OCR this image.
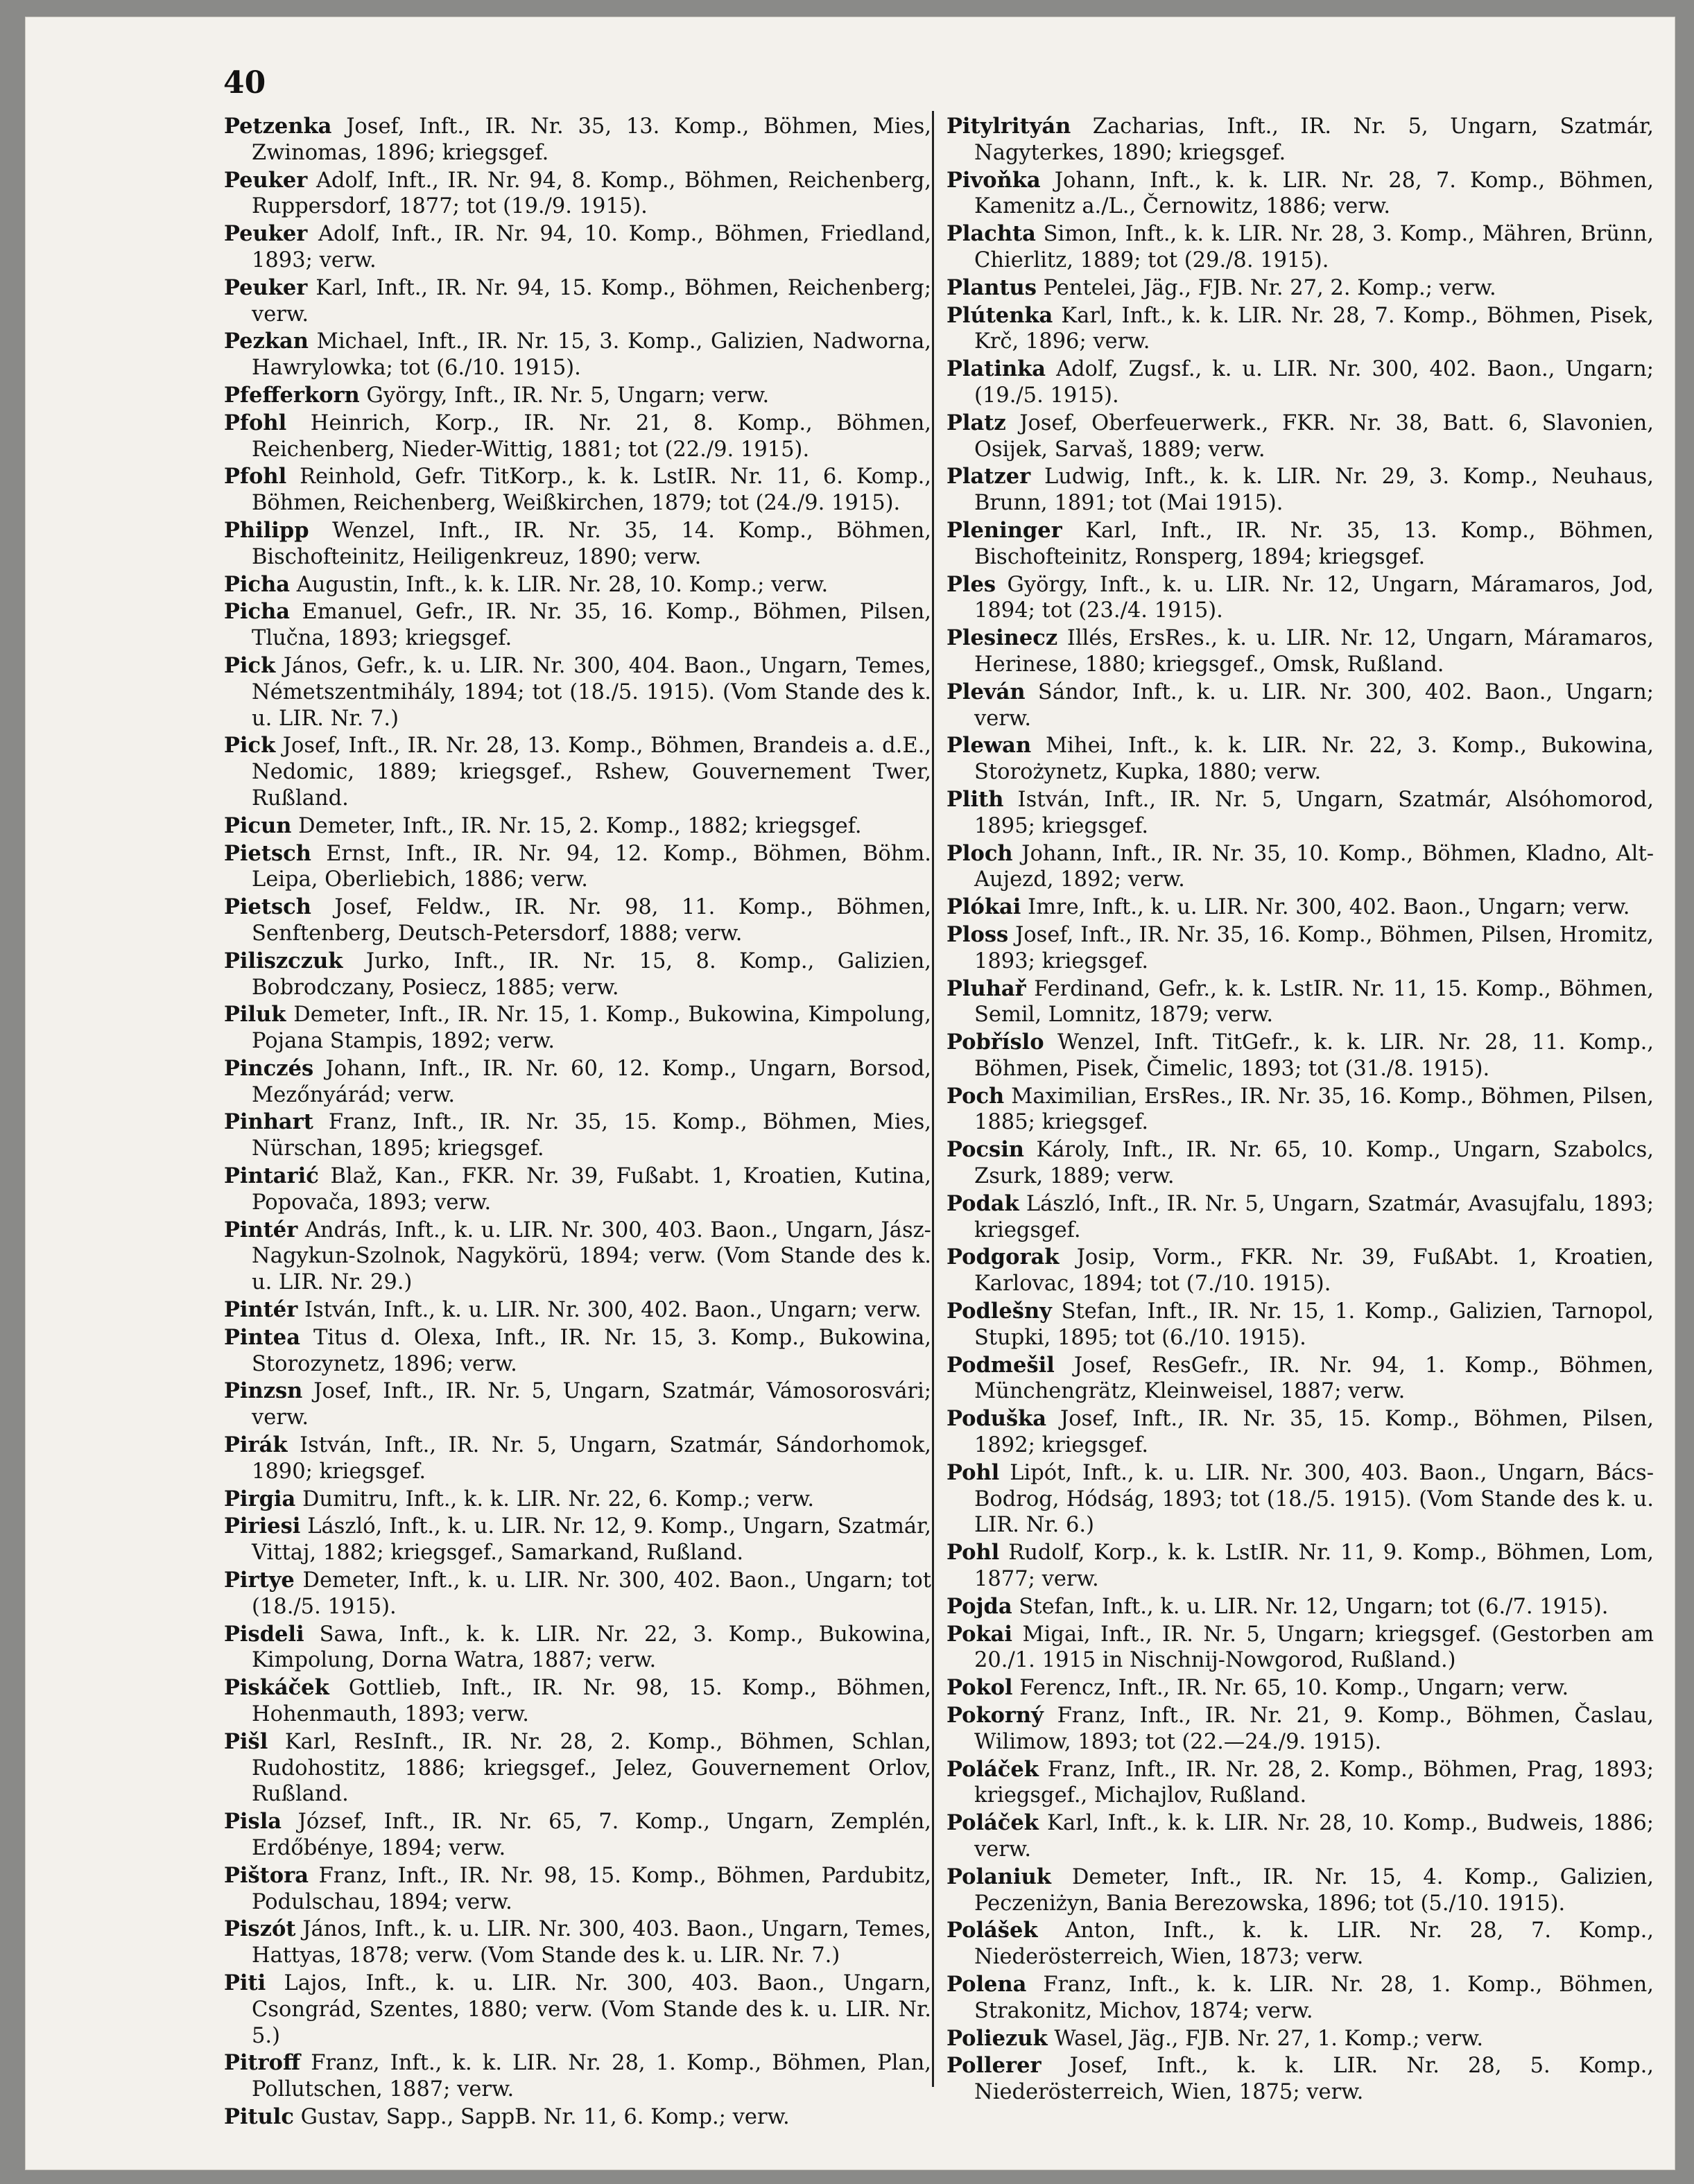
40

Petzenka Josef, Inft., IR. Nr. 35, 13. Komp., Böhmen, Mies, Zwinomas, 1896; kriegsgef.

Peuker Adolf, Inft., IR. Nr. 94, 8. Komp., Böhmen, Reichenberg, Ruppersdorf, 1877; tot (19./9. 1915).

Peuker Adolf, Inft., IR. Nr. 94, 10. Komp., Böhmen, Friedland, 1893; verw.

Peuker Karl, Inft., IR. Nr. 94, 15. Komp., Böhmen, Reichenberg; verw.

Pezkan Michael, Inft., IR. Nr. 15, 3. Komp., Galizien, Nadworna, Hawrylowka; tot (6./10. 1915).

Pfefferkorn György, Inft., IR. Nr. 5, Ungarn; verw.

Pfohl Heinrich, Korp., IR. Nr. 21, 8. Komp., Böhmen, Reichenberg, Nieder-Wittig, 1881; tot (22./9. 1915).

Pfohl Reinhold, Gefr. TitKorp., k. k. LstIR. Nr. 11, 6. Komp., Böhmen, Reichenberg, Weißkirchen, 1879; tot (24./9. 1915).

Philipp Wenzel, Inft., IR. Nr. 35, 14. Komp., Böhmen, Bischofteinitz, Heiligenkreuz, 1890; verw.

Picha Augustin, Inft., k. k. LIR. Nr. 28, 10. Komp.; verw.

Picha Emanuel, Gefr., IR. Nr. 35, 16. Komp., Böhmen, Pilsen, Tlučna, 1893; kriegsgef.

Pick János, Gefr., k. u. LIR. Nr. 300, 404. Baon., Ungarn, Temes, Németszentmihály, 1894; tot (18./5. 1915). (Vom Stande des k. u. LIR. Nr. 7.)

Pick Josef, Inft., IR. Nr. 28, 13. Komp., Böhmen, Brandeis a. d.E., Nedomic, 1889; kriegsgef., Rshew, Gouvernement Twer, Rußland.

Picun Demeter, Inft., IR. Nr. 15, 2. Komp., 1882; kriegsgef.

Pietsch Ernst, Inft., IR. Nr. 94, 12. Komp., Böhmen, Böhm. Leipa, Oberliebich, 1886; verw.

Pietsch Josef, Feldw., IR. Nr. 98, 11. Komp., Böhmen, Senftenberg, Deutsch-Petersdorf, 1888; verw.

Piliszczuk Jurko, Inft., IR. Nr. 15, 8. Komp., Galizien, Bobrodczany, Posiecz, 1885; verw.

Piluk Demeter, Inft., IR. Nr. 15, 1. Komp., Bukowina, Kimpolung, Pojana Stampis, 1892; verw.

Pinczés Johann, Inft., IR. Nr. 60, 12. Komp., Ungarn, Borsod, Mezőnyárád; verw.

Pinhart Franz, Inft., IR. Nr. 35, 15. Komp., Böhmen, Mies, Nürschan, 1895; kriegsgef.

Pintarić Blaž, Kan., FKR. Nr. 39, Fußabt. 1, Kroatien, Kutina, Popovača, 1893; verw.

Pintér András, Inft., k. u. LIR. Nr. 300, 403. Baon., Ungarn, Jász-Nagykun-Szolnok, Nagykörü, 1894; verw. (Vom Stande des k. u. LIR. Nr. 29.)

Pintér István, Inft., k. u. LIR. Nr. 300, 402. Baon., Ungarn; verw.

Pintea Titus d. Olexa, Inft., IR. Nr. 15, 3. Komp., Bukowina, Storozynetz, 1896; verw.

Pinzsn Josef, Inft., IR. Nr. 5, Ungarn, Szatmár, Vámosorosvári; verw.

Pirák István, Inft., IR. Nr. 5, Ungarn, Szatmár, Sándorhomok, 1890; kriegsgef.

Pirgia Dumitru, Inft., k. k. LIR. Nr. 22, 6. Komp.; verw.

Piriesi László, Inft., k. u. LIR. Nr. 12, 9. Komp., Ungarn, Szatmár, Vittaj, 1882; kriegsgef., Samarkand, Rußland.

Pirtye Demeter, Inft., k. u. LIR. Nr. 300, 402. Baon., Ungarn; tot (18./5. 1915).

Pisdeli Sawa, Inft., k. k. LIR. Nr. 22, 3. Komp., Bukowina, Kimpolung, Dorna Watra, 1887; verw.

Piskáček Gottlieb, Inft., IR. Nr. 98, 15. Komp., Böhmen, Hohenmauth, 1893; verw.

Pišl Karl, ResInft., IR. Nr. 28, 2. Komp., Böhmen, Schlan, Rudohostitz, 1886; kriegsgef., Jelez, Gouvernement Orlov, Rußland.

Pisla József, Inft., IR. Nr. 65, 7. Komp., Ungarn, Zemplén, Erdőbénye, 1894; verw.

Pištora Franz, Inft., IR. Nr. 98, 15. Komp., Böhmen, Pardubitz, Podulschau, 1894; verw.

Piszót János, Inft., k. u. LIR. Nr. 300, 403. Baon., Ungarn, Temes, Hattyas, 1878; verw. (Vom Stande des k. u. LIR. Nr. 7.)

Piti Lajos, Inft., k. u. LIR. Nr. 300, 403. Baon., Ungarn, Csongrád, Szentes, 1880; verw. (Vom Stande des k. u. LIR. Nr. 5.)

Pitroff Franz, Inft., k. k. LIR. Nr. 28, 1. Komp., Böhmen, Plan, Pollutschen, 1887; verw.

Pitulc Gustav, Sapp., SappB. Nr. 11, 6. Komp.; verw.

Pitylrityán Zacharias, Inft., IR. Nr. 5, Ungarn, Szatmár, Nagyterkes, 1890; kriegsgef.

Pivoňka Johann, Inft., k. k. LIR. Nr. 28, 7. Komp., Böhmen, Kamenitz a./L., Černowitz, 1886; verw.

Plachta Simon, Inft., k. k. LIR. Nr. 28, 3. Komp., Mähren, Brünn, Chierlitz, 1889; tot (29./8. 1915).

Plantus Pentelei, Jäg., FJB. Nr. 27, 2. Komp.; verw.

Plútenka Karl, Inft., k. k. LIR. Nr. 28, 7. Komp., Böhmen, Pisek, Krč, 1896; verw.

Platinka Adolf, Zugsf., k. u. LIR. Nr. 300, 402. Baon., Ungarn; (19./5. 1915).

Platz Josef, Oberfeuerwerk., FKR. Nr. 38, Batt. 6, Slavonien, Osijek, Sarvaš, 1889; verw.

Platzer Ludwig, Inft., k. k. LIR. Nr. 29, 3. Komp., Neuhaus, Brunn, 1891; tot (Mai 1915).

Pleninger Karl, Inft., IR. Nr. 35, 13. Komp., Böhmen, Bischofteinitz, Ronsperg, 1894; kriegsgef.

Ples György, Inft., k. u. LIR. Nr. 12, Ungarn, Máramaros, Jod, 1894; tot (23./4. 1915).

Plesinecz Illés, ErsRes., k. u. LIR. Nr. 12, Ungarn, Máramaros, Herinese, 1880; kriegsgef., Omsk, Rußland.

Pleván Sándor, Inft., k. u. LIR. Nr. 300, 402. Baon., Ungarn; verw.

Plewan Mihei, Inft., k. k. LIR. Nr. 22, 3. Komp., Bukowina, Storożynetz, Kupka, 1880; verw.

Plith István, Inft., IR. Nr. 5, Ungarn, Szatmár, Alsóhomorod, 1895; kriegsgef.

Ploch Johann, Inft., IR. Nr. 35, 10. Komp., Böhmen, Kladno, Alt-Aujezd, 1892; verw.

Plókai Imre, Inft., k. u. LIR. Nr. 300, 402. Baon., Ungarn; verw.

Ploss Josef, Inft., IR. Nr. 35, 16. Komp., Böhmen, Pilsen, Hromitz, 1893; kriegsgef.

Pluhař Ferdinand, Gefr., k. k. LstIR. Nr. 11, 15. Komp., Böhmen, Semil, Lomnitz, 1879; verw.

Pobříslo Wenzel, Inft. TitGefr., k. k. LIR. Nr. 28, 11. Komp., Böhmen, Pisek, Čimelic, 1893; tot (31./8. 1915).

Poch Maximilian, ErsRes., IR. Nr. 35, 16. Komp., Böhmen, Pilsen, 1885; kriegsgef.

Pocsin Károly, Inft., IR. Nr. 65, 10. Komp., Ungarn, Szabolcs, Zsurk, 1889; verw.

Podak László, Inft., IR. Nr. 5, Ungarn, Szatmár, Avasujfalu, 1893; kriegsgef.

Podgorak Josip, Vorm., FKR. Nr. 39, FußAbt. 1, Kroatien, Karlovac, 1894; tot (7./10. 1915).

Podlešny Stefan, Inft., IR. Nr. 15, 1. Komp., Galizien, Tarnopol, Stupki, 1895; tot (6./10. 1915).

Podmešil Josef, ResGefr., IR. Nr. 94, 1. Komp., Böhmen, Münchengrätz, Kleinweisel, 1887; verw.

Poduška Josef, Inft., IR. Nr. 35, 15. Komp., Böhmen, Pilsen, 1892; kriegsgef.

Pohl Lipót, Inft., k. u. LIR. Nr. 300, 403. Baon., Ungarn, Bács-Bodrog, Hódság, 1893; tot (18./5. 1915). (Vom Stande des k. u. LIR. Nr. 6.)

Pohl Rudolf, Korp., k. k. LstIR. Nr. 11, 9. Komp., Böhmen, Lom, 1877; verw.

Pojda Stefan, Inft., k. u. LIR. Nr. 12, Ungarn; tot (6./7. 1915).

Pokai Migai, Inft., IR. Nr. 5, Ungarn; kriegsgef. (Gestorben am 20./1. 1915 in Nischnij-Nowgorod, Rußland.)

Pokol Ferencz, Inft., IR. Nr. 65, 10. Komp., Ungarn; verw.

Pokorný Franz, Inft., IR. Nr. 21, 9. Komp., Böhmen, Časlau, Wilimow, 1893; tot (22.—24./9. 1915).

Poláček Franz, Inft., IR. Nr. 28, 2. Komp., Böhmen, Prag, 1893; kriegsgef., Michajlov, Rußland.

Poláček Karl, Inft., k. k. LIR. Nr. 28, 10. Komp., Budweis, 1886; verw.

Polaniuk Demeter, Inft., IR. Nr. 15, 4. Komp., Galizien, Peczeniżyn, Bania Berezowska, 1896; tot (5./10. 1915).

Polášek Anton, Inft., k. k. LIR. Nr. 28, 7. Komp., Niederösterreich, Wien, 1873; verw.

Polena Franz, Inft., k. k. LIR. Nr. 28, 1. Komp., Böhmen, Strakonitz, Michov, 1874; verw.

Poliezuk Wasel, Jäg., FJB. Nr. 27, 1. Komp.; verw.

Pollerer Josef, Inft., k. k. LIR. Nr. 28, 5. Komp., Niederösterreich, Wien, 1875; verw.
